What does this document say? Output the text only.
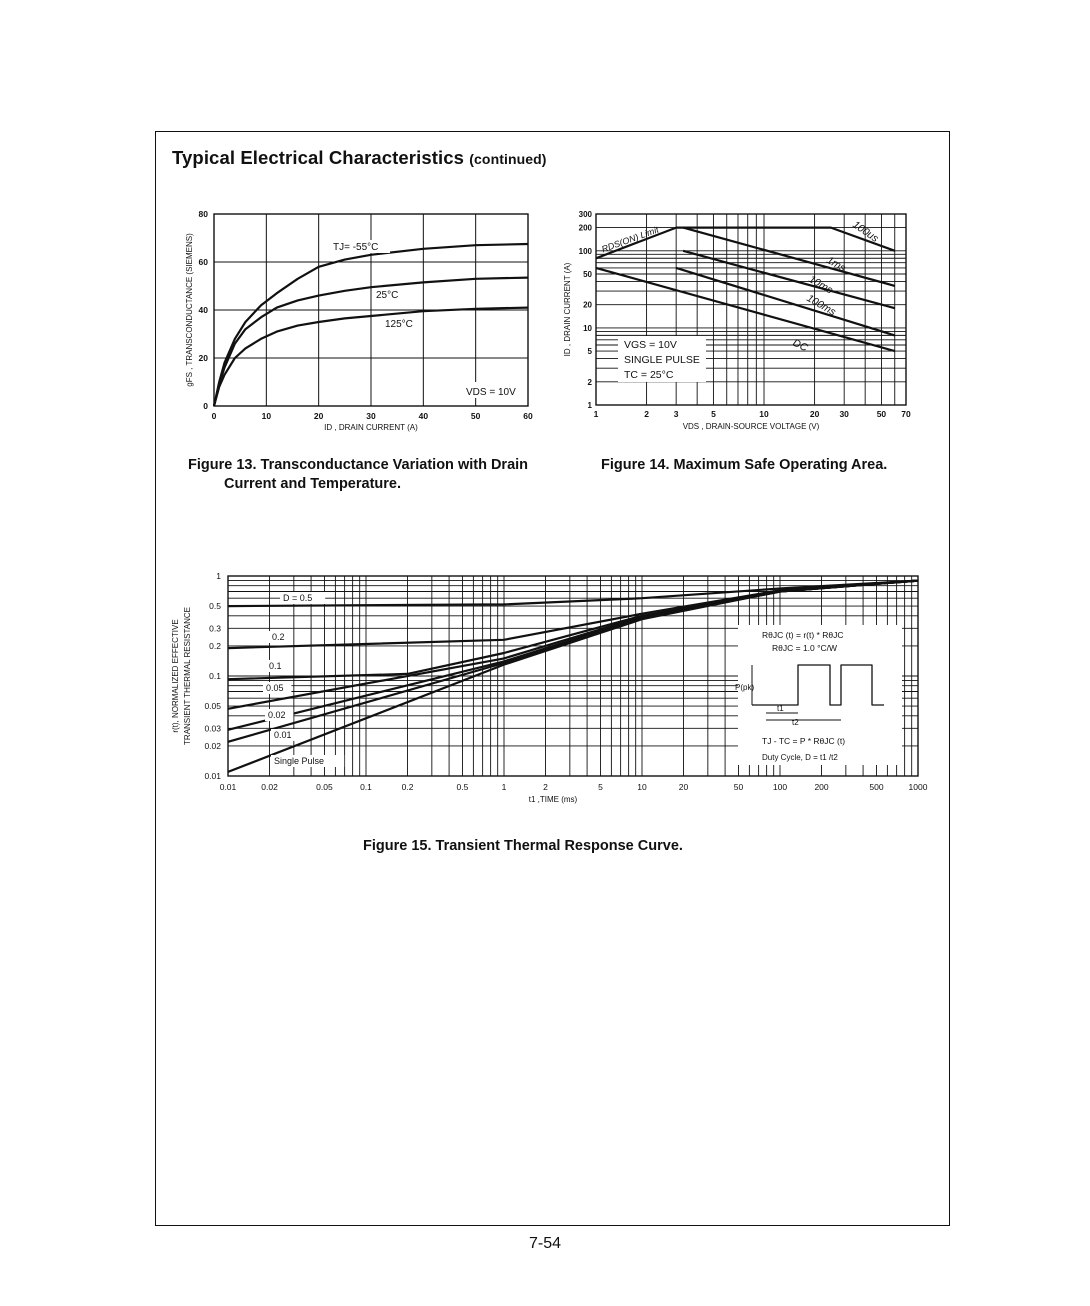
Typical Electrical Characteristics (continued)
0	10	20	30	40	50	60
0
20
40
60
80
ID , DRAIN CURRENT (A)
gFS , TRANSCONDUCTANCE (SIEMENS)	TJ= -55°C
25°C
125°C
VDS = 10V
1	2	3	5	10	20 30	50 70
1
2
5
10
20
50
100
200
300
VDS , DRAIN-SOURCE VOLTAGE (V)
ID , DRAIN CURRENT (A)
100us
1ms
10ms
100ms
DC
RDS(ON) Limit
VGS = 10V
SINGLE PULSE
TC = 25°C
0.01	0.02	0.05	0.1	0.2	0.5	1	2	5	10	20	50	100	200	500	1000
0.01
0.02
0.03
0.05
0.1
0.2
0.3
0.5
1
t1 ,TIME (ms)
r(t), NORMALIZED EFFECTIVE TRANSIENT THERMAL RESISTANCE
D = 0.5
0.2
0.1
0.05
0.02
0.01
Single Pulse
RθJC (t) = r(t) * RθJC
RθJC = 1.0 °C/W
P(pk)
t1
t2
TJ - TC = P * RθJC (t)
Duty Cycle, D = t1 /t2
Figure 13. Transconductance Variation with Drain
Current and Temperature.
Figure 14. Maximum Safe Operating Area.
Figure 15. Transient Thermal Response Curve.
7-54
